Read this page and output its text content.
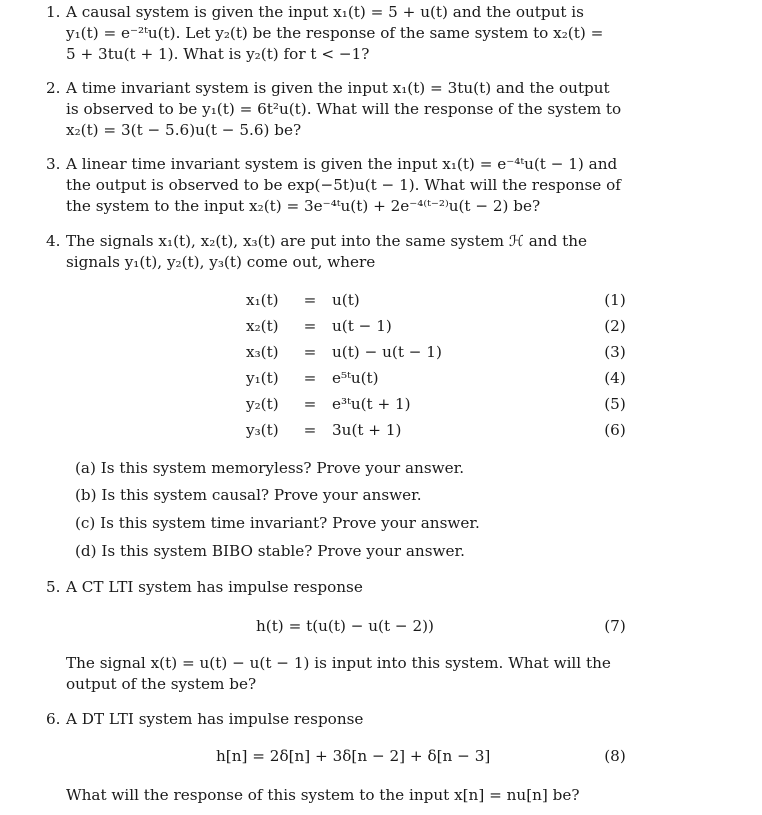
1. A causal system is given the input x₁(t) = 5 + u(t) and the output is
y₁(t) = e⁻²ᵗu(t). Let y₂(t) be the response of the same system to x₂(t) =
5 + 3tu(t + 1). What is y₂(t) for t < −1?
2. A time invariant system is given the input x₁(t) = 3tu(t) and the output
is observed to be y₁(t) = 6t²u(t). What will the response of the system to
x₂(t) = 3(t − 5.6)u(t − 5.6) be?
3. A linear time invariant system is given the input x₁(t) = e⁻⁴ᵗu(t − 1) and
the output is observed to be exp(−5t)u(t − 1). What will the response of
the system to the input x₂(t) = 3e⁻⁴ᵗu(t) + 2e⁻⁴⁽ᵗ⁻²⁾u(t − 2) be?
4. The signals x₁(t), x₂(t), x₃(t) are put into the same system ℋ and the
signals y₁(t), y₂(t), y₃(t) come out, where
x₁(t)	= u(t)	(1)
x₂(t)	= u(t − 1)	(2)
x₃(t)	= u(t) − u(t − 1)	(3)
y₁(t)	= e⁵ᵗu(t)	(4)
y₂(t)	= e³ᵗu(t + 1)	(5)
y₃(t)	= 3u(t + 1)	(6)
(a) Is this system memoryless? Prove your answer.
(b) Is this system causal? Prove your answer.
(c) Is this system time invariant? Prove your answer.
(d) Is this system BIBO stable? Prove your answer.
5. A CT LTI system has impulse response
h(t) = t(u(t) − u(t − 2))	(7)
The signal x(t) = u(t) − u(t − 1) is input into this system. What will the
output of the system be?
6. A DT LTI system has impulse response
h[n] = 2δ[n] + 3δ[n − 2] + δ[n − 3]	(8)
What will the response of this system to the input x[n] = nu[n] be?
